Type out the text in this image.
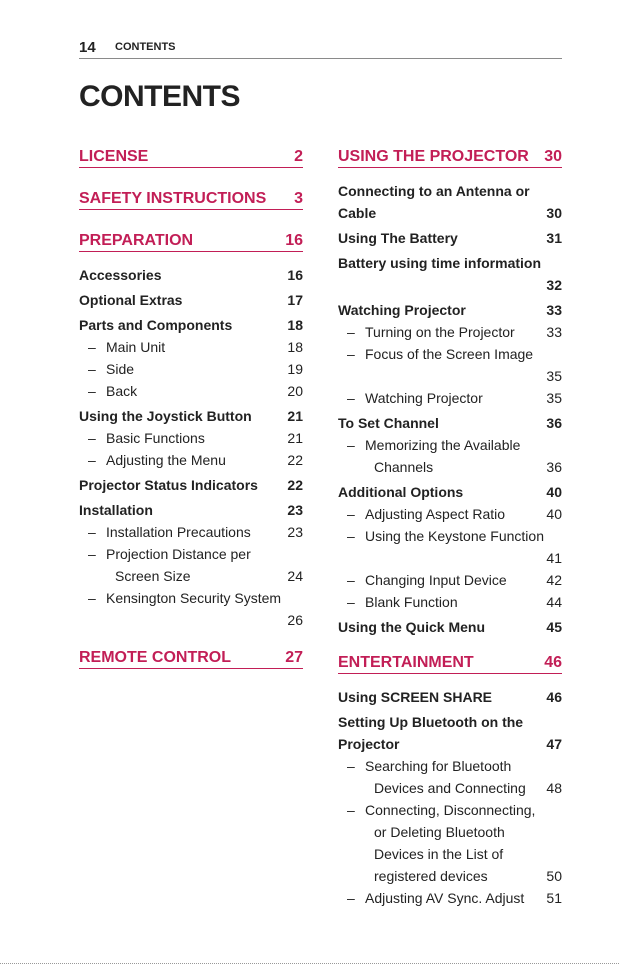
14 CONTENTS
CONTENTS
LICENSE	2
SAFETY INSTRUCTIONS	3
PREPARATION	16
Accessories	16
Optional Extras	17
Parts and Components	18
– Main Unit	18
– Side	19
– Back	20
Using the Joystick Button	21
– Basic Functions	21
– Adjusting the Menu	22
Projector Status Indicators	22
Installation	23
– Installation Precautions	23
– Projection Distance per
Screen Size	24
– Kensington Security System
26
REMOTE CONTROL	27
USING THE PROJECTOR 30
Connecting to an Antenna or
Cable	30
Using The Battery	31
Battery using time information
32
Watching Projector	33
– Turning on the Projector	33
– Focus of the Screen Image
35
– Watching Projector	35
To Set Channel	36
– Memorizing the Available
Channels	36
Additional Options	40
– Adjusting Aspect Ratio	40
– Using the Keystone Function
41
– Changing Input Device	42
– Blank Function	44
Using the Quick Menu	45
ENTERTAINMENT	46
Using SCREEN SHARE	46
Setting Up Bluetooth on the
Projector	47
– Searching for Bluetooth
Devices and Connecting	48
– Connecting, Disconnecting,
or Deleting Bluetooth
Devices in the List of
registered devices	50
– Adjusting AV Sync. Adjust	51
